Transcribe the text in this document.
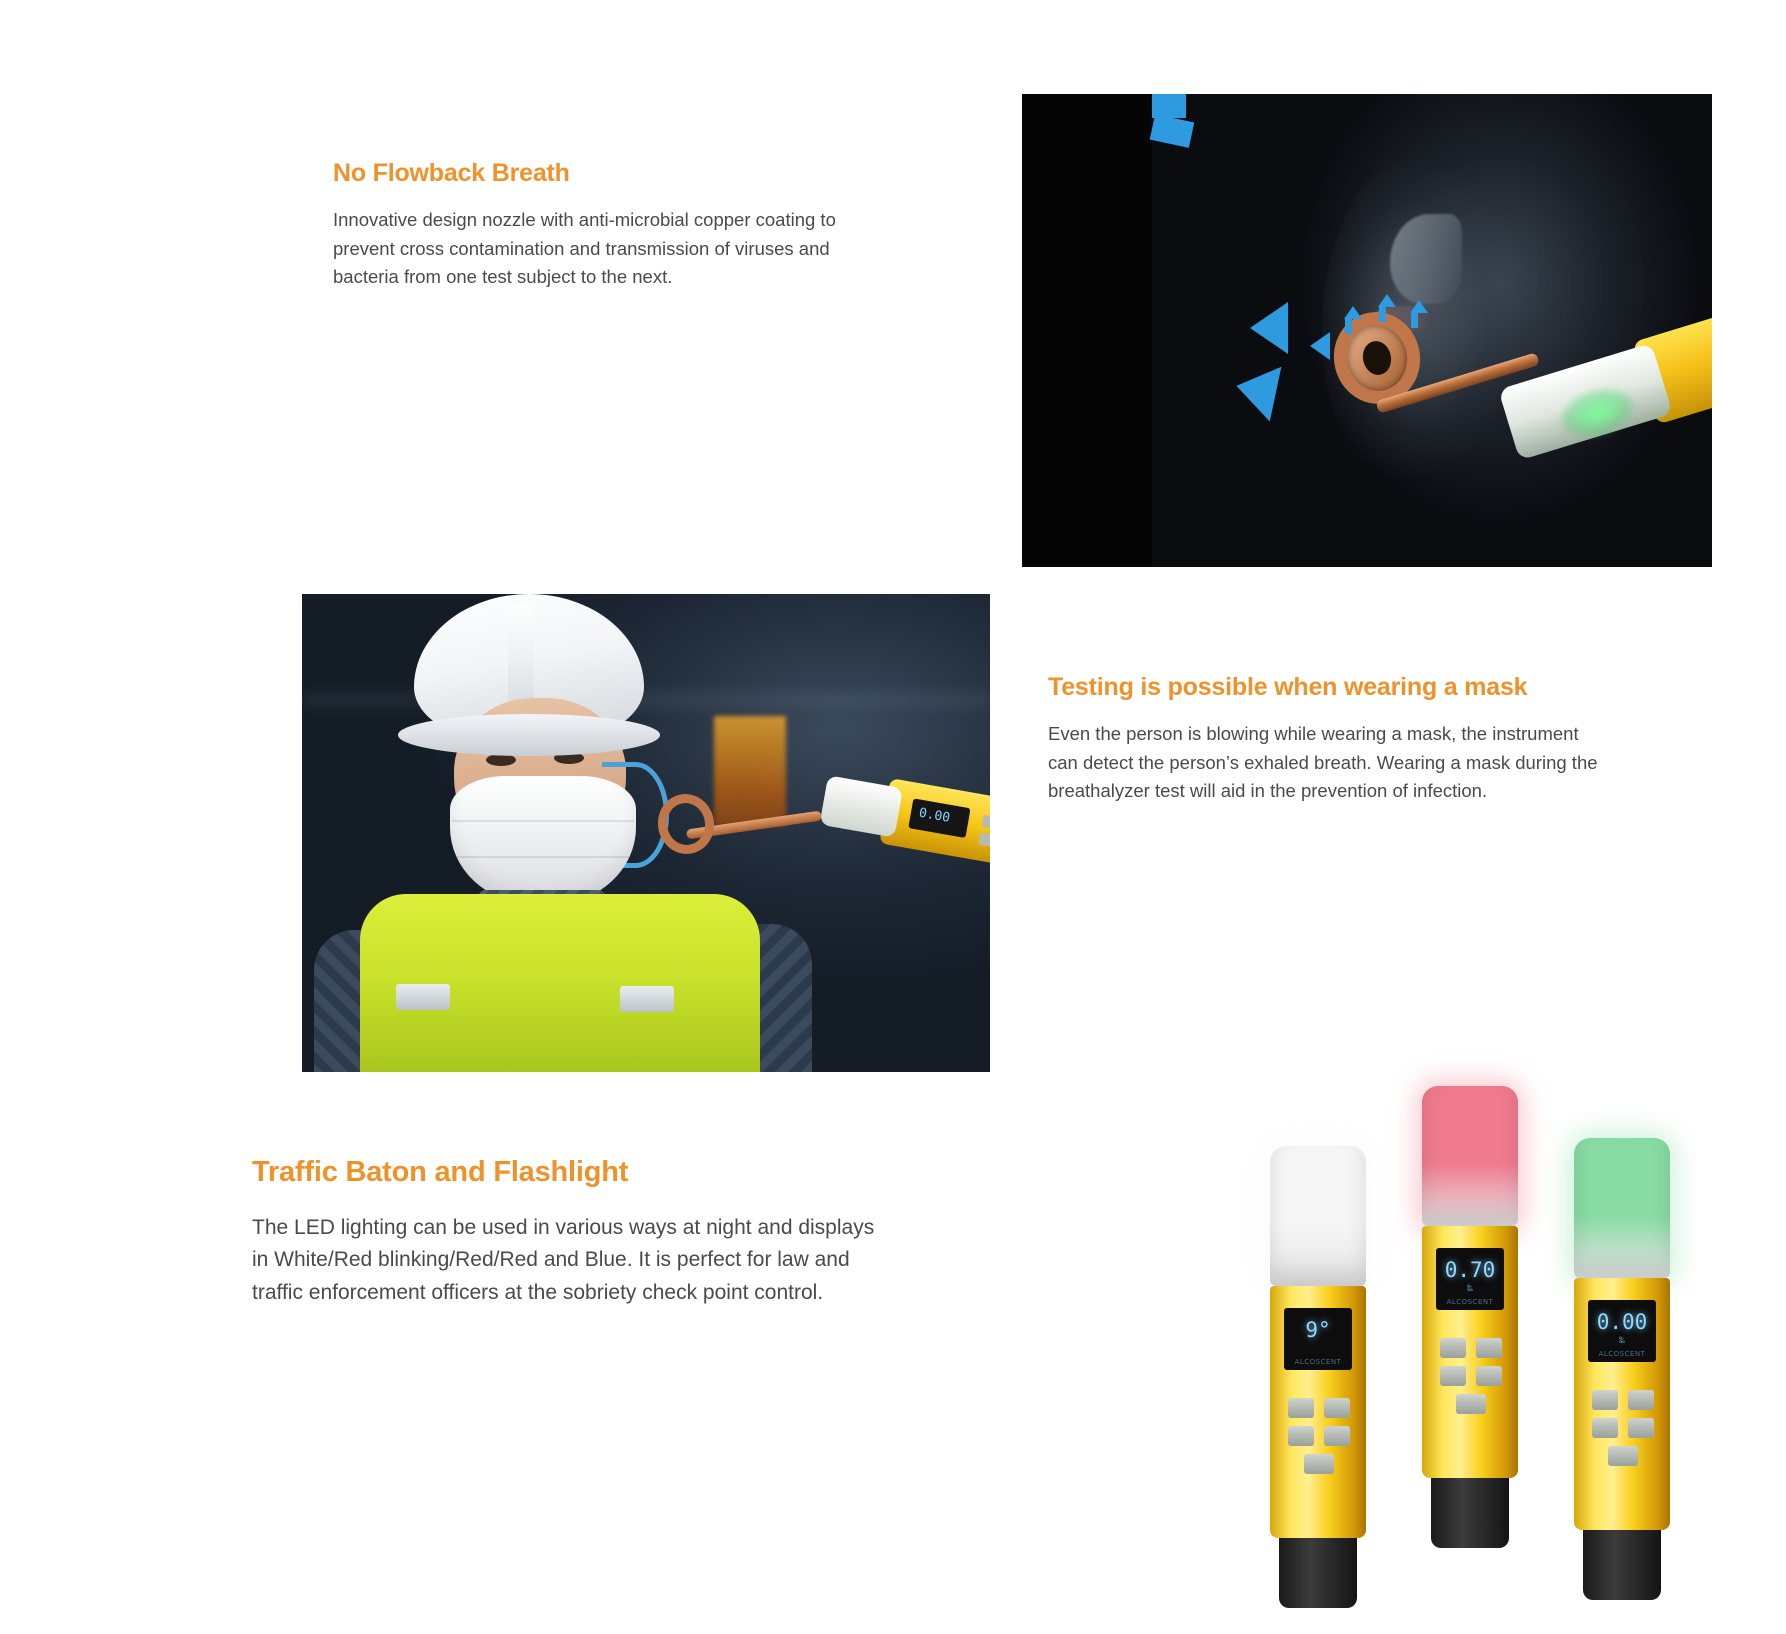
No Flowback Breath

Innovative design nozzle with anti-microbial copper coating to prevent cross contamination and transmission of viruses and bacteria from one test subject to the next.

0.00
Testing is possible when wearing a mask

Even the person is blowing while wearing a mask, the instrument can detect the person’s exhaled breath. Wearing a mask during the breathalyzer test will aid in the prevention of infection.

Traffic Baton and Flashlight

The LED lighting can be used in various ways at night and displays in White/Red blinking/Red/Red and Blue. It is perfect for law and traffic enforcement officers at the sobriety check point control.

9°
ALCOSCENT
0.70
‰
ALCOSCENT
0.00
‰
ALCOSCENT
